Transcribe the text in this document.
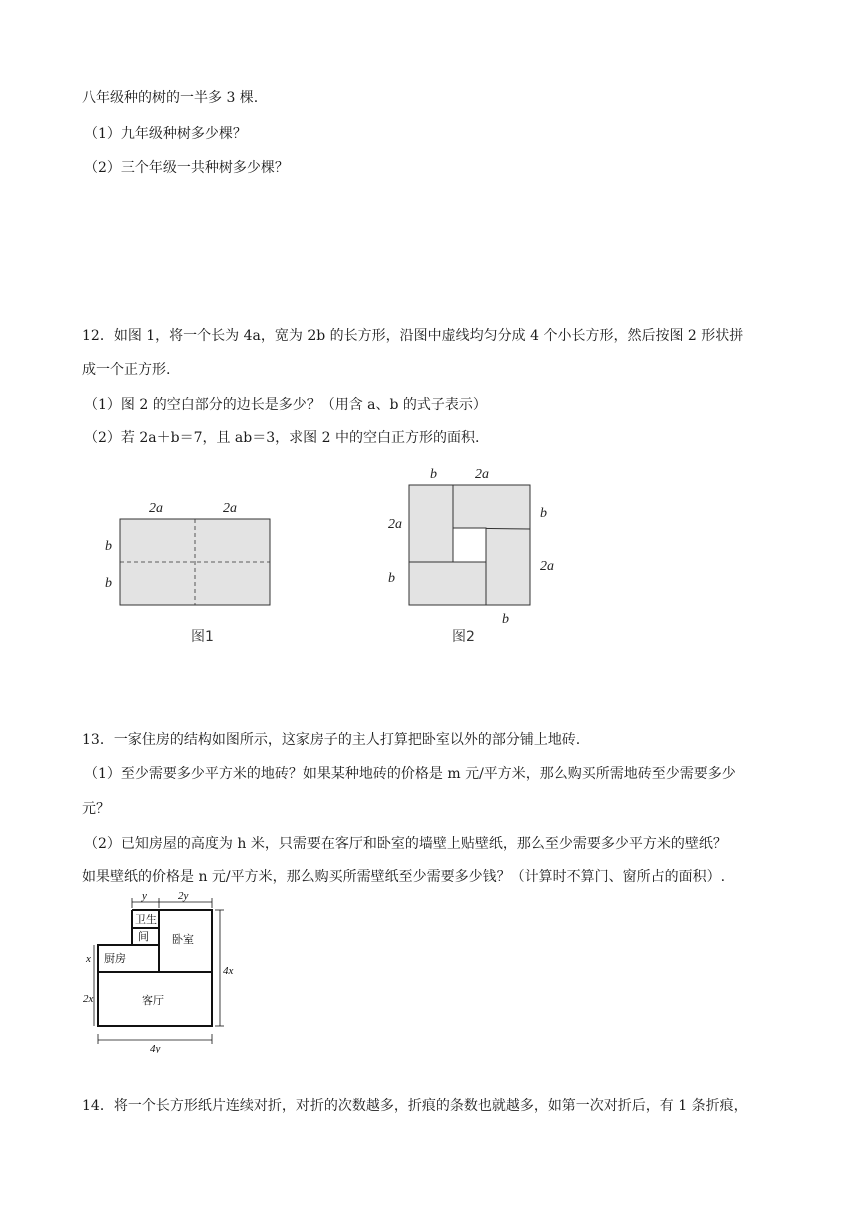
八年级种的树的一半多 3 棵.
（1）九年级种树多少棵？
（2）三个年级一共种树多少棵？
12．如图 1，将一个长为 4a，宽为 2b 的长方形，沿图中虚线均匀分成 4 个小长方形，然后按图 2 形状拼
成一个正方形.
（1）图 2 的空白部分的边长是多少？（用含 a、b 的式子表示）
（2）若 2a＋b＝7，且 ab＝3，求图 2 中的空白正方形的面积.
2a	2a
b
b
图1
b	2a
b
2a
2a
b
b
图2
13．一家住房的结构如图所示，这家房子的主人打算把卧室以外的部分铺上地砖.
（1）至少需要多少平方米的地砖？如果某种地砖的价格是 m 元/平方米，那么购买所需地砖至少需要多少
元？
（2）已知房屋的高度为 h 米，只需要在客厅和卧室的墙壁上贴壁纸，那么至少需要多少平方米的壁纸？
如果壁纸的价格是 n 元/平方米，那么购买所需壁纸至少需要多少钱？（计算时不算门、窗所占的面积）.
y	2y
x
2x
4x
4y
卫生
间
厨房
卧室
客厅
14．将一个长方形纸片连续对折，对折的次数越多，折痕的条数也就越多，如第一次对折后，有 1 条折痕，
